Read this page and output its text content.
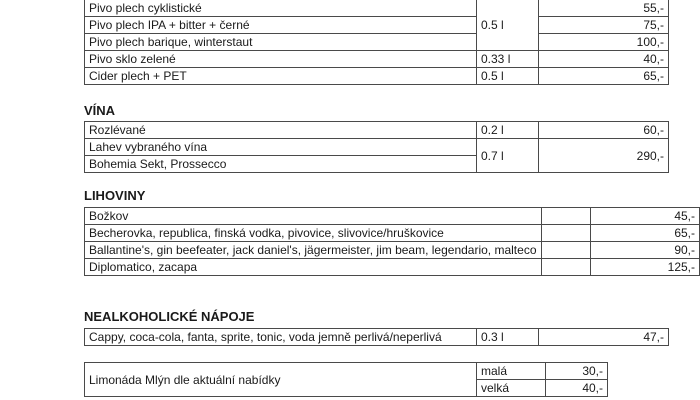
Pivo plech cyklistické	0.5 l	55,-
Pivo plech IPA + bitter + černé		75,-
Pivo plech barique, winterstaut		100,-
Pivo sklo zelené	0.33 l	40,-
Cider plech + PET	0.5 l	65,-
VÍNA
Rozlévané	0.2 l	60,-
Lahev vybraného vína	0.7 l	290,-
Bohemia Sekt, Prossecco		
LIHOVINY
Božkov		45,-
Becherovka, republica, finská vodka, pivovice, slivovice/hruškovice		65,-
Ballantine's, gin beefeater, jack daniel's, jägermeister, jim beam, legendario, malteco		90,-
Diplomatico, zacapa		125,-
NEALKOHOLICKÉ NÁPOJE
Cappy, coca-cola, fanta, sprite, tonic, voda jemně perlivá/neperlivá	0.3 l	47,-
Limonáda Mlýn dle aktuální nabídky	malá	30,-
	velká	40,-
